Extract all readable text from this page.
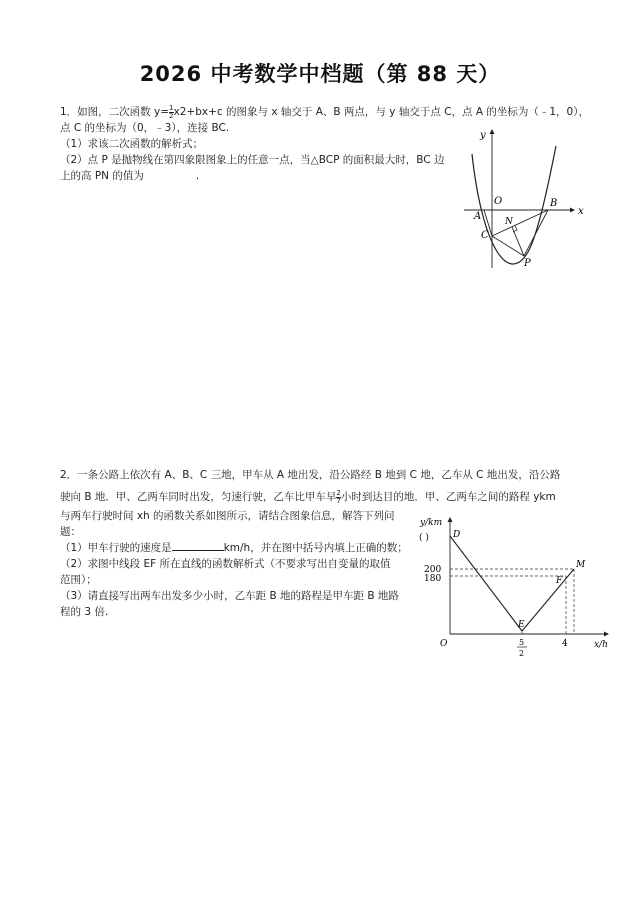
2026 中考数学中档题（第 88 天）
1．如图，二次函数 $y= \frac{1}{2} x2+bx+c$ 的图象与 x 轴交于 A、B 两点，与 y 轴交于点 C，点 A 的坐标为（﹣1，0），
点 C 的坐标为（0，﹣3），连接 BC.
（1）求该二次函数的解析式；
（2）点 P 是抛物线在第四象限图象上的任意一点，当△BCP 的面积最大时，BC 边
上的高 PN 的值为	.
y
x
O
A
B
C
N
P
2．一条公路上依次有 A、B、C 三地，甲车从 A 地出发，沿公路经 B 地到 C 地，乙车从 C 地出发，沿公路
驶向 B 地．甲、乙两车同时出发，匀速行驶，乙车比甲车早 $\frac{2}{7}$ 小时到达目的地．甲、乙两车之间的路程 ykm
与两车行驶时间 xh 的函数关系如图所示，请结合图象信息，解答下列问
题：
（1）甲车行驶的速度是	km/h，并在图中括号内填上正确的数；
（2）求图中线段 EF 所在直线的函数解析式（不要求写出自变量的取值
范围）；
（3）请直接写出两车出发多少小时，乙车距 B 地的路程是甲车距 B 地路
程的 3 倍.
y/km
( )	D
200
180
M
F
E
O	5
2
4	x/h
